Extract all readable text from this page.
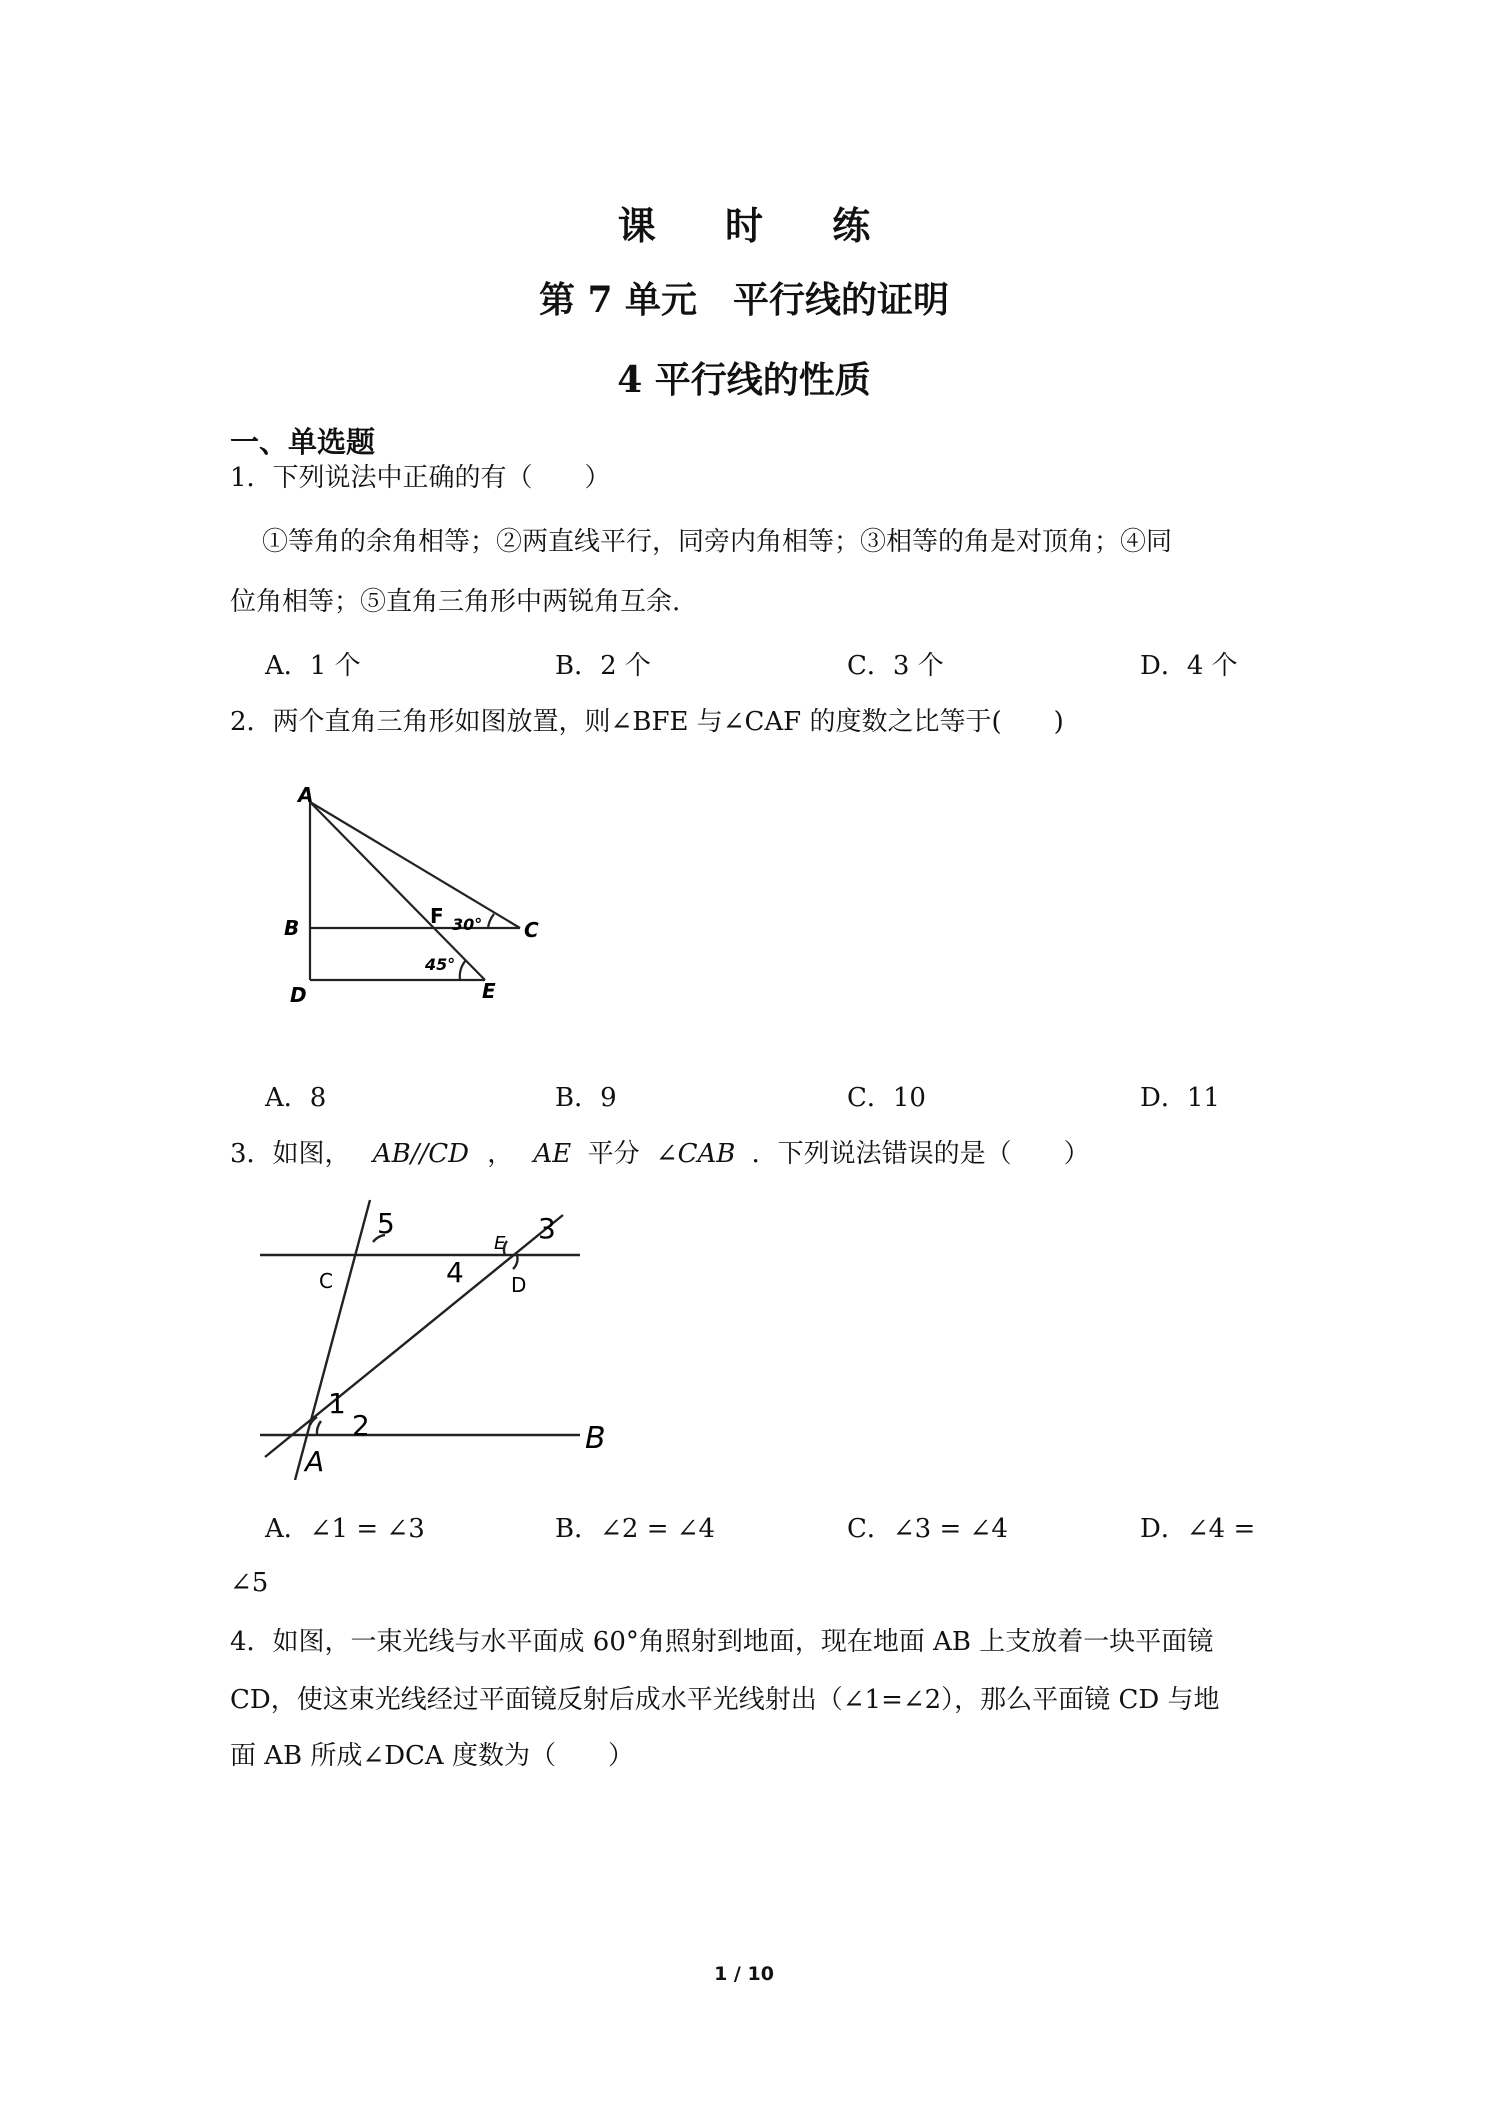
课 时 练
第 7 单元　平行线的证明
4 平行线的性质
一、单选题
1．下列说法中正确的有（　　）
①等角的余角相等；②两直线平行，同旁内角相等；③相等的角是对顶角；④同
位角相等；⑤直角三角形中两锐角互余.
A．1 个	B．2 个	C．3 个	D．4 个
2．两个直角三角形如图放置，则∠BFE 与∠CAF 的度数之比等于(　　)
A
B	C
D	E
F 30°
45°
A．8	B．9	C．10	D．11
3．如图， AB//CD ， AE 平分 ∠CAB ．下列说法错误的是（　　）
5
C
E 3
4 D
1
2
A
B
A．∠1 = ∠3	B．∠2 = ∠4	C．∠3 = ∠4	D．∠4 =
∠5
4．如图，一束光线与水平面成 60°角照射到地面，现在地面 AB 上支放着一块平面镜
CD，使这束光线经过平面镜反射后成水平光线射出（∠1=∠2），那么平面镜 CD 与地
面 AB 所成∠DCA 度数为（　　）
1 / 10
